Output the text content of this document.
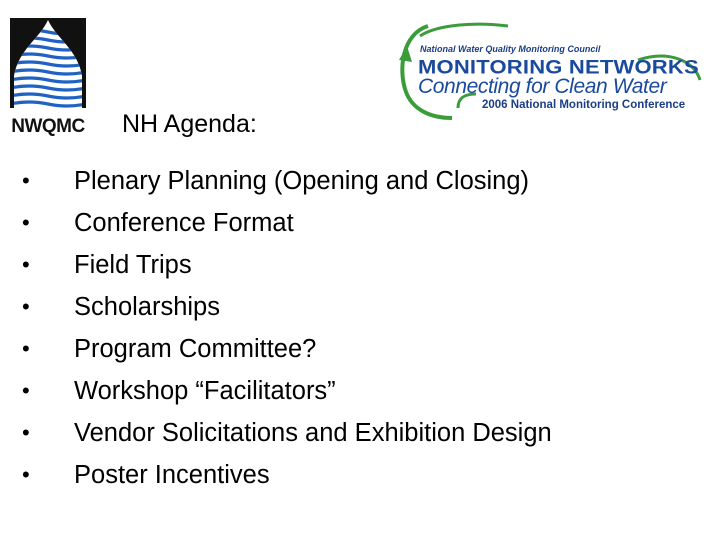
NWQMC
National Water Quality Monitoring Council
MONITORING NETWORKS
Connecting for Clean Water
2006 National Monitoring Conference
NH Agenda:
• Plenary Planning (Opening and Closing)
• Conference Format
• Field Trips
• Scholarships
• Program Committee?
• Workshop “Facilitators”
• Vendor Solicitations and Exhibition Design
• Poster Incentives
